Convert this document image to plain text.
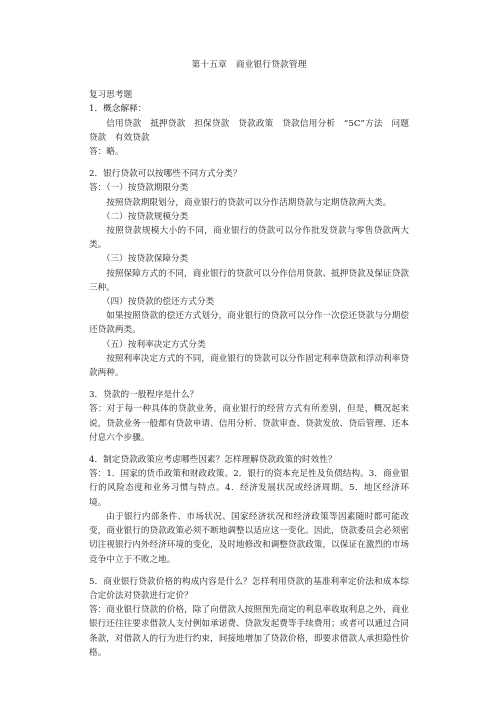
第十五章　商业银行贷款管理

复习思考题

1．概念解释：

信用贷款　抵押贷款　担保贷款　贷款政策　贷款信用分析　“5C”方法　问题贷款　有效贷款

答：略。

2．银行贷款可以按哪些不同方式分类？

答：（一）按贷款期限分类

按照贷款期限划分，商业银行的贷款可以分作活期贷款与定期贷款两大类。

（二）按贷款规模分类

按照贷款规模大小的不同，商业银行的贷款可以分作批发贷款与零售贷款两大类。

（三）按贷款保障分类

按照保障方式的不同，商业银行的贷款可以分作信用贷款、抵押贷款及保证贷款三种。

（四）按贷款的偿还方式分类

如果按照贷款的偿还方式划分，商业银行的贷款可以分作一次偿还贷款与分期偿还贷款两类。

（五）按利率决定方式分类

按照利率决定方式的不同，商业银行的贷款可以分作固定利率贷款和浮动利率贷款两种。

3．贷款的一般程序是什么？

答：对于每一种具体的贷款业务，商业银行的经营方式有所差别，但是，概况起来说，贷款业务一般都有贷款申请、信用分析、贷款审查、贷款发放、贷后管理、还本付息六个步骤。

4．制定贷款政策应考虑哪些因素？怎样理解贷款政策的时效性？

答：1．国家的货币政策和财政政策。2．银行的资本充足性及负债结构。3．商业银行的风险态度和业务习惯与特点。4．经济发展状况或经济周期。5．地区经济环境。

由于银行内部条件、市场状况、国家经济状况和经济政策等因素随时都可能改变，商业银行的贷款政策必须不断地调整以适应这一变化。因此，贷款委员会必须密切注视银行内外经济环境的变化，及时地修改和调整贷款政策，以保证在激烈的市场竞争中立于不败之地。

5．商业银行贷款价格的构成内容是什么？怎样利用贷款的基准利率定价法和成本综合定价法对贷款进行定价？

答：商业银行贷款的价格，除了向借款人按照预先商定的利息率收取利息之外，商业银行还往往要求借款人支付例如承诺费、贷款发起费等手续费用；或者可以通过合同条款，对借款人的行为进行约束，间接地增加了贷款价格，即要求借款人承担隐性价格。
